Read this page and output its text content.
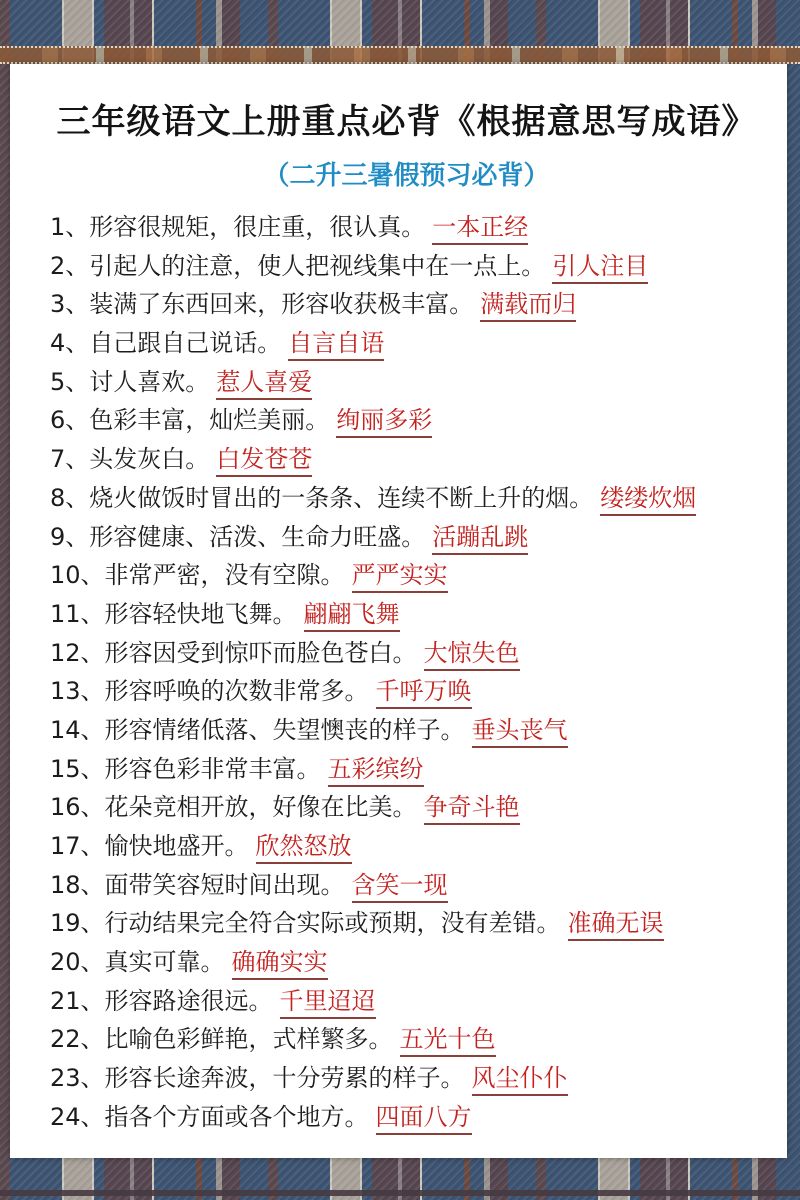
三年级语文上册重点必背《根据意思写成语》
（二升三暑假预习必背）
1、 形容很规矩，很庄重，很认真。 一本正经
2、 引起人的注意，使人把视线集中在一点上。 引人注目
3、 装满了东西回来，形容收获极丰富。 满载而归
4、 自己跟自己说话。 自言自语
5、 讨人喜欢。 惹人喜爱
6、 色彩丰富，灿烂美丽。 绚丽多彩
7、 头发灰白。 白发苍苍
8、 烧火做饭时冒出的一条条、连续不断上升的烟。 缕缕炊烟
9、 形容健康、活泼、生命力旺盛。 活蹦乱跳
10、 非常严密，没有空隙。 严严实实
11、 形容轻快地飞舞。 翩翩飞舞
12、 形容因受到惊吓而脸色苍白。 大惊失色
13、 形容呼唤的次数非常多。 千呼万唤
14、 形容情绪低落、失望懊丧的样子。 垂头丧气
15、 形容色彩非常丰富。 五彩缤纷
16、 花朵竞相开放，好像在比美。 争奇斗艳
17、 愉快地盛开。 欣然怒放
18、 面带笑容短时间出现。 含笑一现
19、 行动结果完全符合实际或预期，没有差错。 准确无误
20、 真实可靠。 确确实实
21、 形容路途很远。 千里迢迢
22、 比喻色彩鲜艳，式样繁多。 五光十色
23、 形容长途奔波，十分劳累的样子。 风尘仆仆
24、 指各个方面或各个地方。 四面八方
